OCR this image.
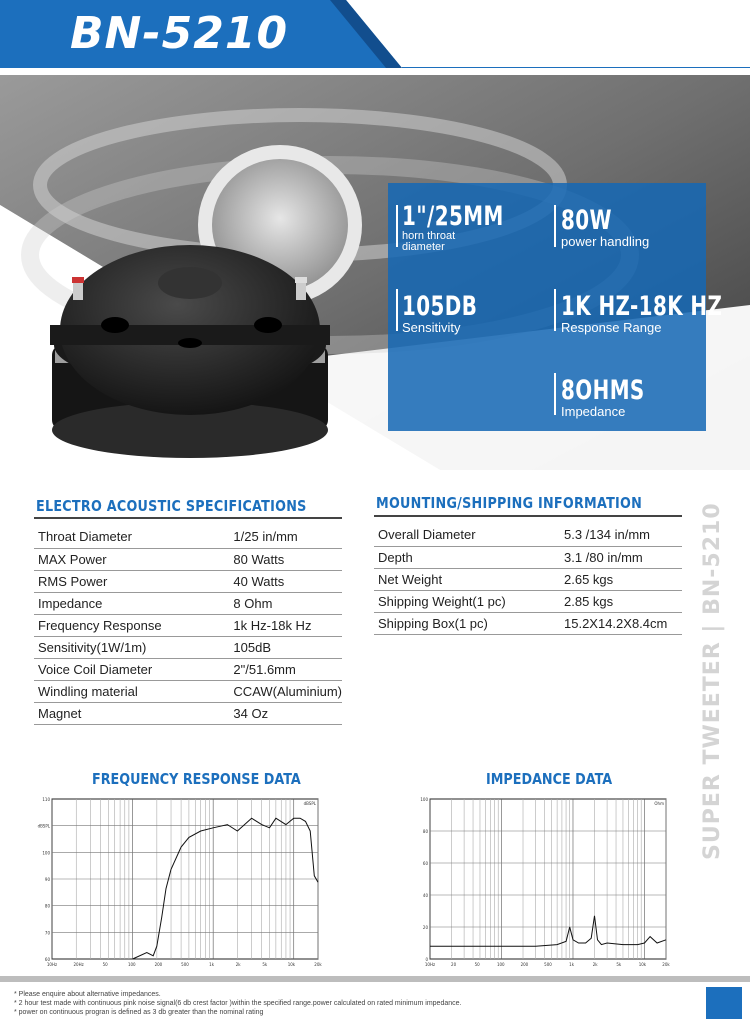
BN-5210
1"/25MM
horn throat
diameter
80W
power handling
105DB
Sensitivity
1K HZ-18K HZ
Response Range
8OHMS
Impedance
ELECTRO ACOUSTIC SPECIFICATIONS
Throat Diameter	1/25 in/mm
MAX Power	80 Watts
RMS Power	40 Watts
Impedance	8 Ohm
Frequency Response	1k Hz-18k Hz
Sensitivity(1W/1m)	105dB
Voice Coil Diameter	2"/51.6mm
Windling material	CCAW(Aluminium)
Magnet	34 Oz
MOUNTING/SHIPPING INFORMATION
Overall Diameter	5.3 /134 in/mm
Depth	3.1 /80 in/mm
Net Weight	2.65 kgs
Shipping Weight(1 pc)	2.85 kgs
Shipping Box(1 pc)	15.2X14.2X8.4cm SUPER TWEETER | BN-5210
FREQUENCY RESPONSE DATA	IMPEDANCE DATA
110
dBSPL
100
90
80
70
60
10Hz	20Hz	50	100	200	500	1k	2k	5k	10k	20k
dBSPL
100
80
60
40
20
0
10Hz	20	50	100	200	500	1k	2k	5k	10k	20k
Ohm
* Please enquire about alternative impedances.
* 2 hour test made with continuous pink noise signal(6 db crest factor )within the specified range.power calculated on rated minimum impedance.
* power on continuous progran is defined as 3 db greater than the nominal rating
